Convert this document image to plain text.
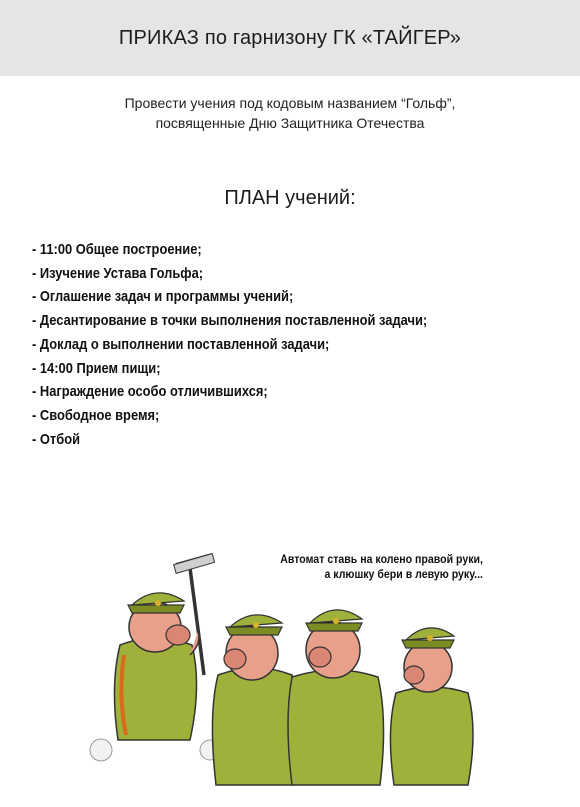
ПРИКАЗ по гарнизону ГК «ТАЙГЕР»
Провести учения под кодовым названием “Гольф”,
посвященные Дню Защитника Отечества
ПЛАН учений:
- 11:00 Общее построение;
- Изучение Устава Гольфа;
- Оглашение задач и программы учений;
- Десантирование в точки выполнения поставленной задачи;
- Доклад о выполнении поставленной задачи;
- 14:00 Прием пищи;
- Награждение особо отличившихся;
- Свободное время;
- Отбой
Автомат ставь на колено правой руки,
а клюшку бери в левую руку...
